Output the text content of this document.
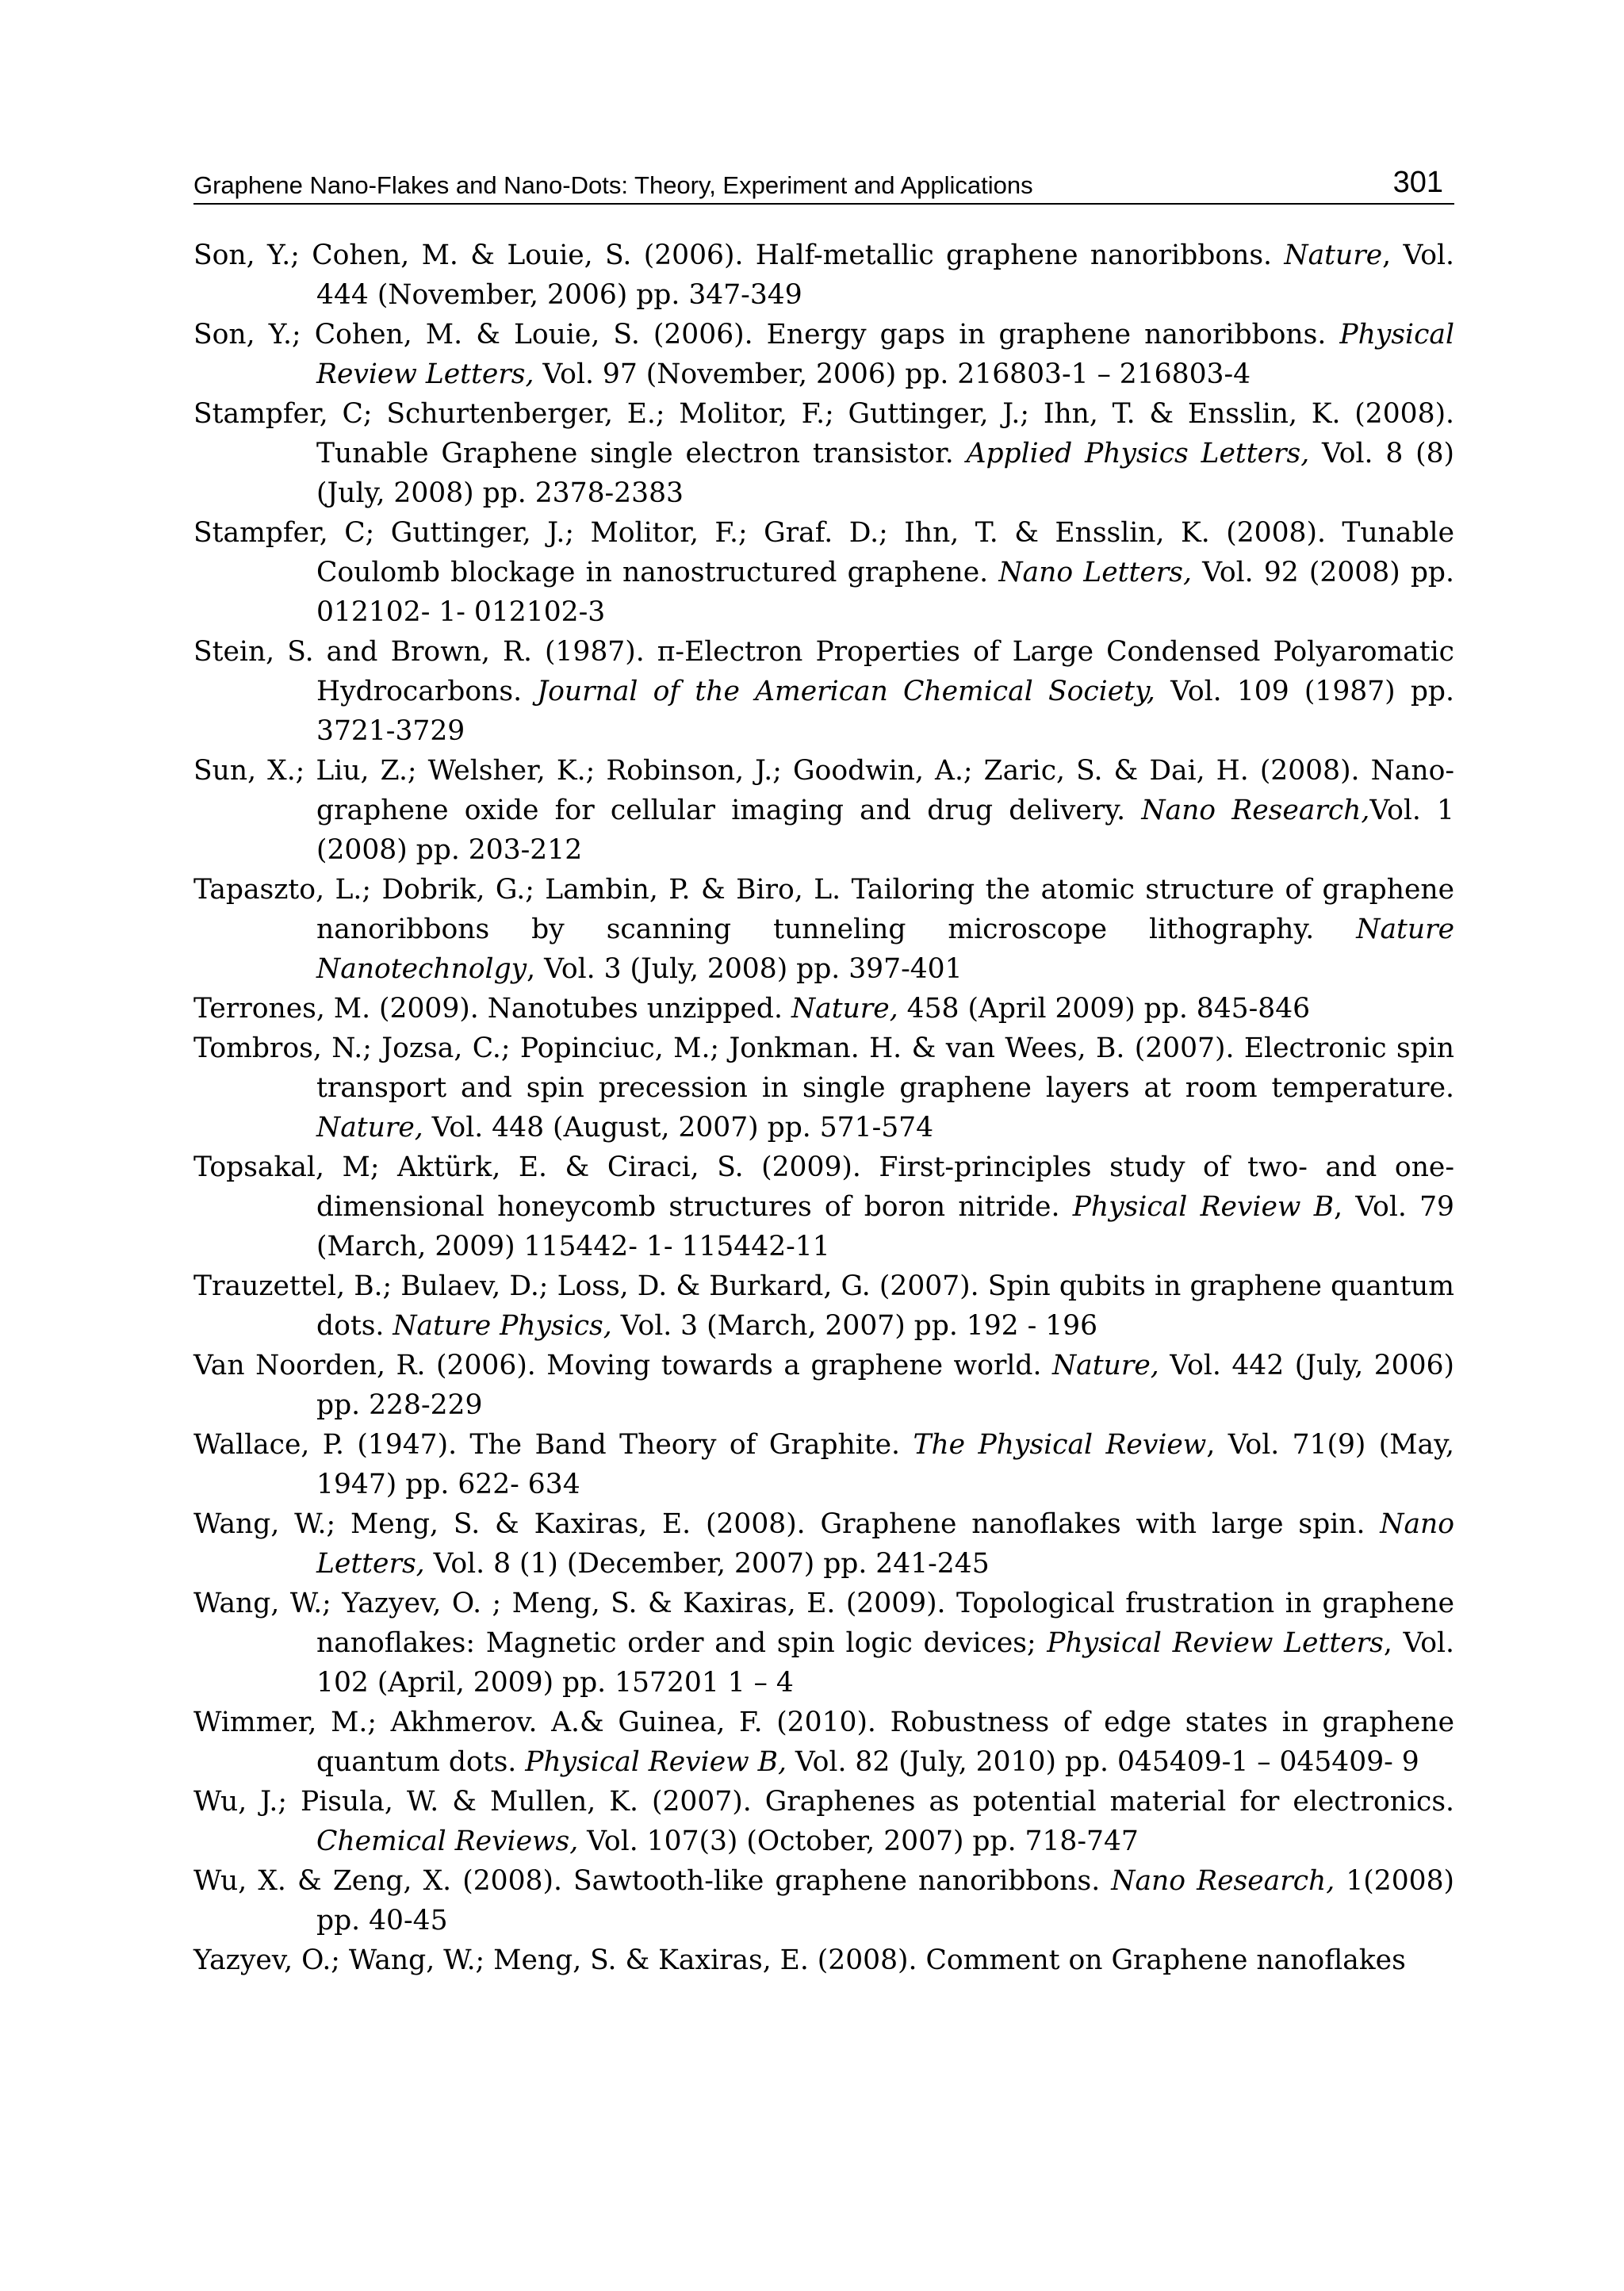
Graphene Nano-Flakes and Nano-Dots: Theory, Experiment and Applications	301

Son, Y.; Cohen, M. & Louie, S. (2006). Half-metallic graphene nanoribbons. Nature, Vol. 444 (November, 2006) pp. 347-349

Son, Y.; Cohen, M. & Louie, S. (2006). Energy gaps in graphene nanoribbons. Physical Review Letters, Vol. 97 (November, 2006) pp. 216803-1 – 216803-4

Stampfer, C; Schurtenberger, E.; Molitor, F.; Guttinger, J.; Ihn, T. & Ensslin, K. (2008). Tunable Graphene single electron transistor. Applied Physics Letters, Vol. 8 (8) (July, 2008) pp. 2378-2383

Stampfer, C; Guttinger, J.; Molitor, F.; Graf. D.; Ihn, T. & Ensslin, K. (2008). Tunable Coulomb blockage in nanostructured graphene. Nano Letters, Vol. 92 (2008) pp. 012102- 1- 012102-3

Stein, S. and Brown, R. (1987). π-Electron Properties of Large Condensed Polyaromatic Hydrocarbons. Journal of the American Chemical Society, Vol. 109 (1987) pp. 3721-3729

Sun, X.; Liu, Z.; Welsher, K.; Robinson, J.; Goodwin, A.; Zaric, S. & Dai, H. (2008). Nano-graphene oxide for cellular imaging and drug delivery. Nano Research,Vol. 1 (2008) pp. 203-212

Tapaszto, L.; Dobrik, G.; Lambin, P. & Biro, L. Tailoring the atomic structure of graphene nanoribbons by scanning tunneling microscope lithography. Nature Nanotechnolgy, Vol. 3 (July, 2008) pp. 397-401

Terrones, M. (2009). Nanotubes unzipped. Nature, 458 (April 2009) pp. 845-846

Tombros, N.; Jozsa, C.; Popinciuc, M.; Jonkman. H. & van Wees, B. (2007). Electronic spin transport and spin precession in single graphene layers at room temperature. Nature, Vol. 448 (August, 2007) pp. 571-574

Topsakal, M; Aktürk, E. & Ciraci, S. (2009). First-principles study of two- and one-dimensional honeycomb structures of boron nitride. Physical Review B, Vol. 79 (March, 2009) 115442- 1- 115442-11

Trauzettel, B.; Bulaev, D.; Loss, D. & Burkard, G. (2007). Spin qubits in graphene quantum dots. Nature Physics, Vol. 3 (March, 2007) pp. 192 - 196

Van Noorden, R. (2006). Moving towards a graphene world. Nature, Vol. 442 (July, 2006) pp. 228-229

Wallace, P. (1947). The Band Theory of Graphite. The Physical Review, Vol. 71(9) (May, 1947) pp. 622- 634

Wang, W.; Meng, S. & Kaxiras, E. (2008). Graphene nanoflakes with large spin. Nano Letters, Vol. 8 (1) (December, 2007) pp. 241-245

Wang, W.; Yazyev, O. ; Meng, S. & Kaxiras, E. (2009). Topological frustration in graphene nanoflakes: Magnetic order and spin logic devices; Physical Review Letters, Vol. 102 (April, 2009) pp. 157201 1 – 4

Wimmer, M.; Akhmerov. A.& Guinea, F. (2010). Robustness of edge states in graphene quantum dots. Physical Review B, Vol. 82 (July, 2010) pp. 045409-1 – 045409- 9

Wu, J.; Pisula, W. & Mullen, K. (2007). Graphenes as potential material for electronics. Chemical Reviews, Vol. 107(3) (October, 2007) pp. 718-747

Wu, X. & Zeng, X. (2008). Sawtooth-like graphene nanoribbons. Nano Research, 1(2008) pp. 40-45

Yazyev, O.; Wang, W.; Meng, S. & Kaxiras, E. (2008). Comment on Graphene nanoflakes
